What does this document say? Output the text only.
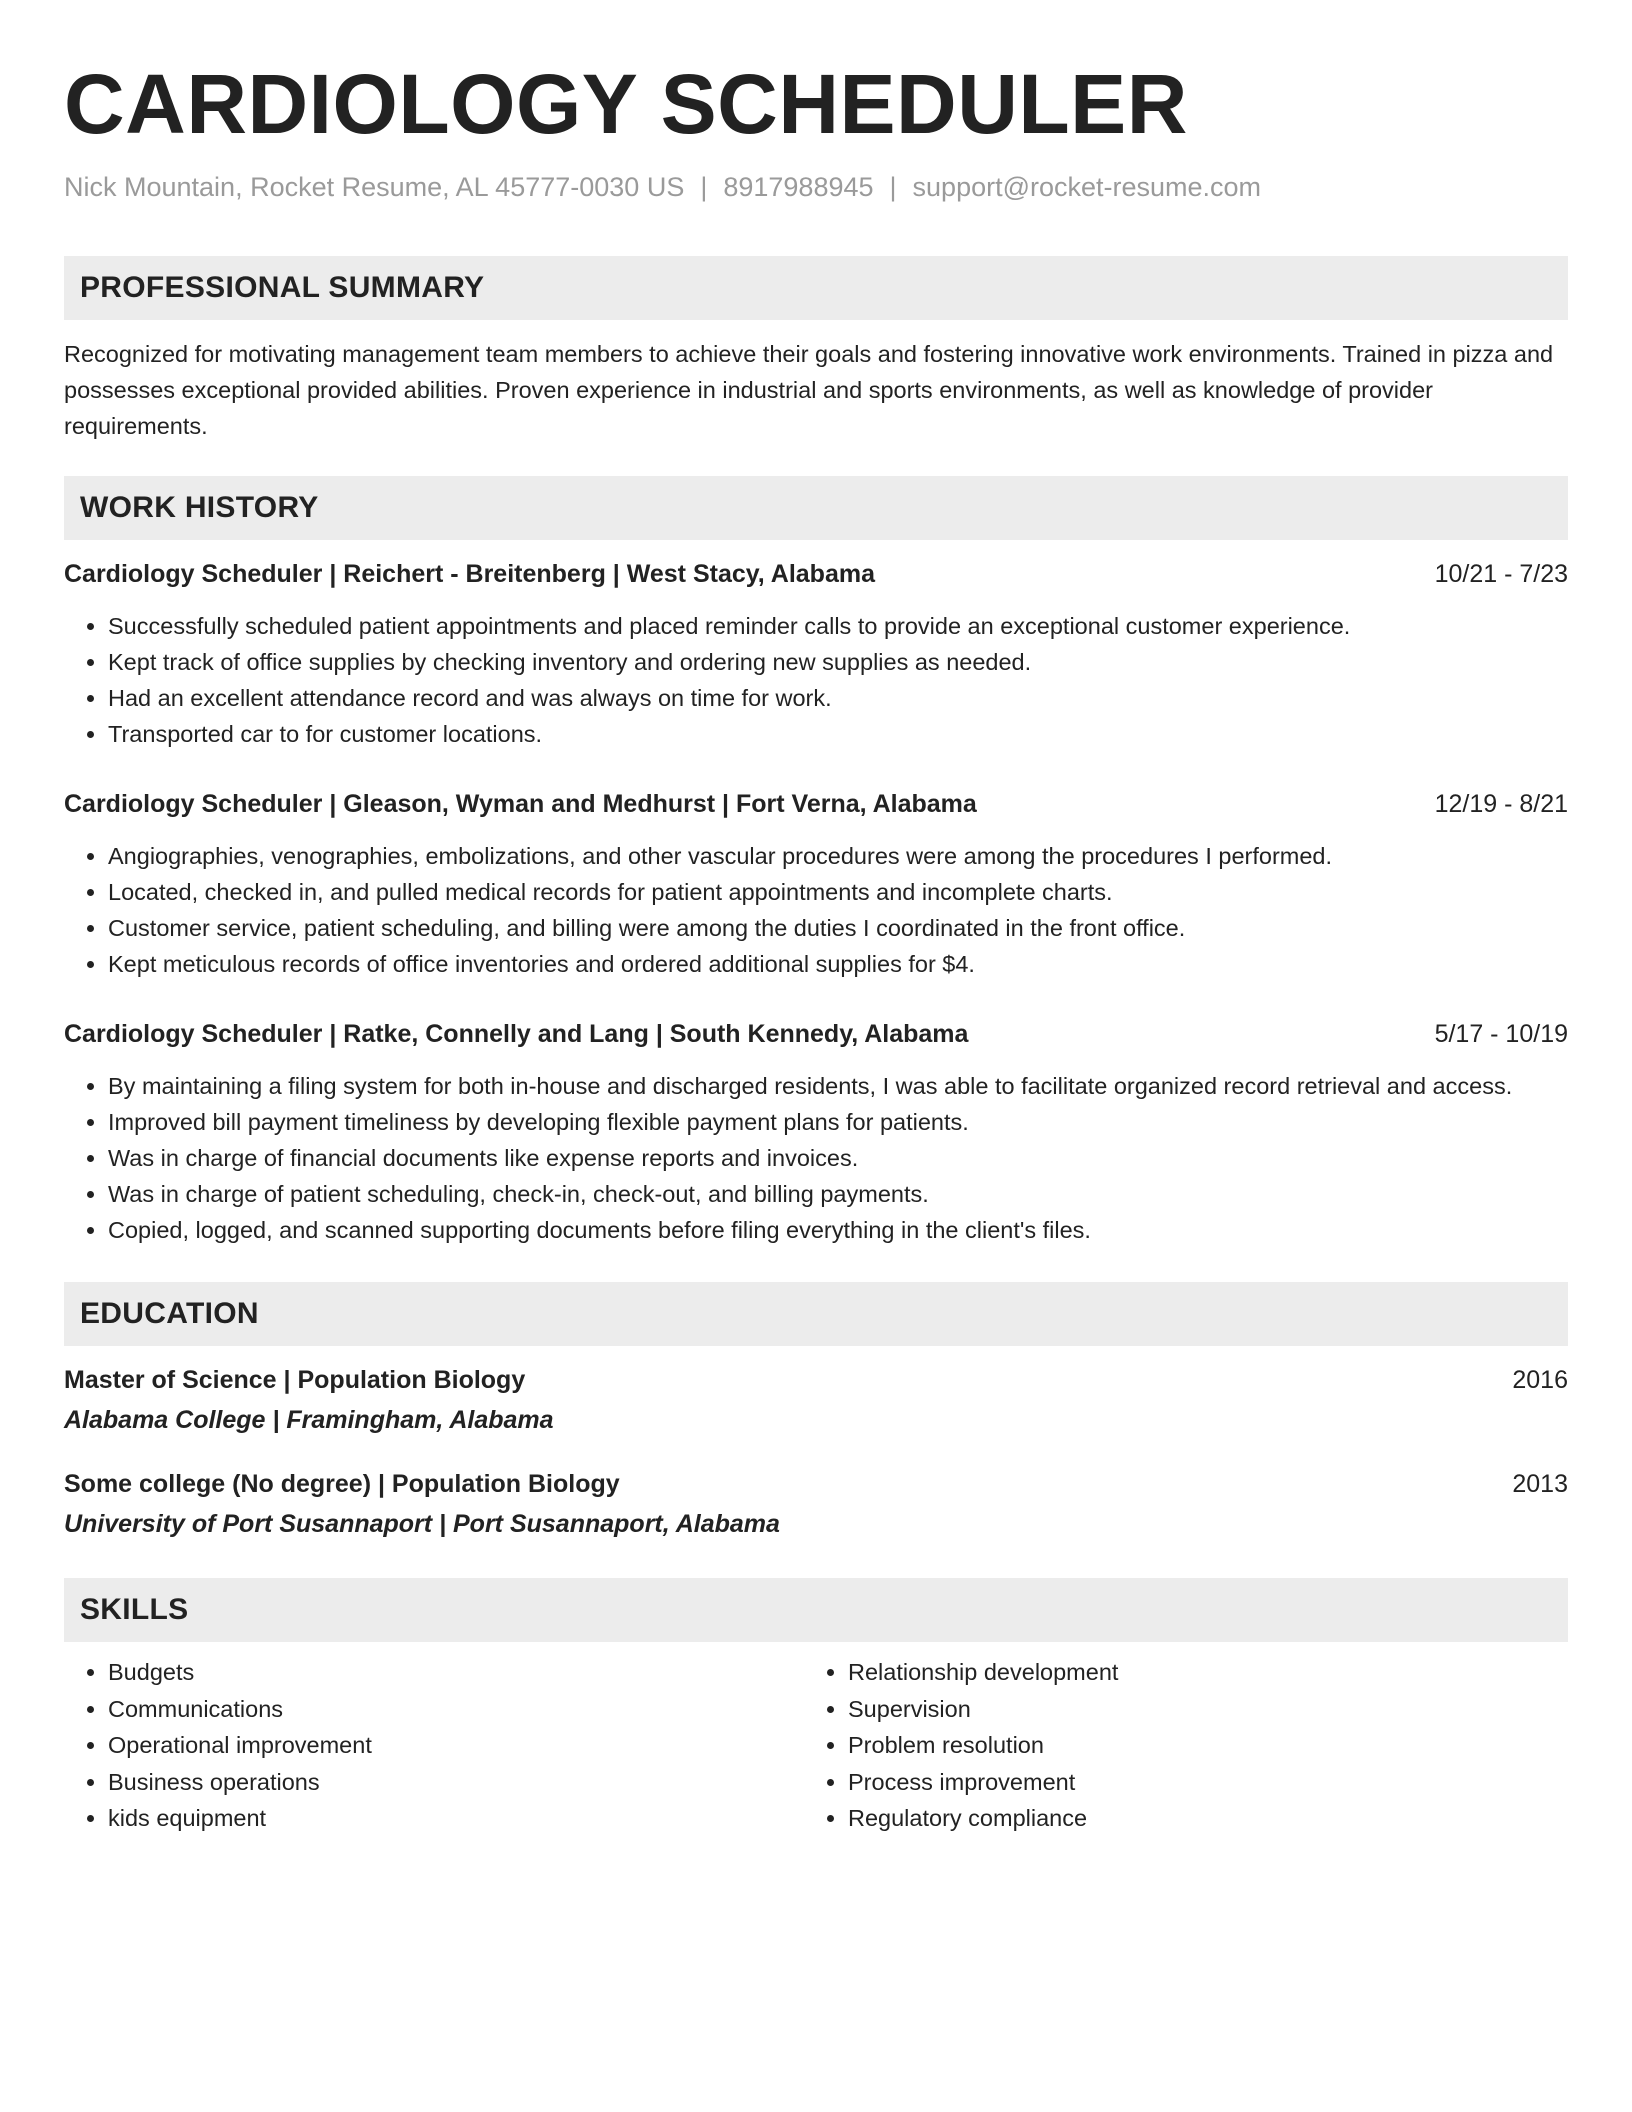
CARDIOLOGY SCHEDULER
Nick Mountain, Rocket Resume, AL 45777-0030 US | 8917988945 | support@rocket-resume.com
PROFESSIONAL SUMMARY
Recognized for motivating management team members to achieve their goals and fostering innovative work environments. Trained in pizza and possesses exceptional provided abilities. Proven experience in industrial and sports environments, as well as knowledge of provider requirements.
WORK HISTORY
Cardiology Scheduler | Reichert - Breitenberg | West Stacy, Alabama	10/21 - 7/23
• Successfully scheduled patient appointments and placed reminder calls to provide an exceptional customer experience.
• Kept track of office supplies by checking inventory and ordering new supplies as needed.
• Had an excellent attendance record and was always on time for work.
• Transported car to for customer locations.
Cardiology Scheduler | Gleason, Wyman and Medhurst | Fort Verna, Alabama	12/19 - 8/21
• Angiographies, venographies, embolizations, and other vascular procedures were among the procedures I performed.
• Located, checked in, and pulled medical records for patient appointments and incomplete charts.
• Customer service, patient scheduling, and billing were among the duties I coordinated in the front office.
• Kept meticulous records of office inventories and ordered additional supplies for $4.
Cardiology Scheduler | Ratke, Connelly and Lang | South Kennedy, Alabama	5/17 - 10/19
• By maintaining a filing system for both in-house and discharged residents, I was able to facilitate organized record retrieval and access.
• Improved bill payment timeliness by developing flexible payment plans for patients.
• Was in charge of financial documents like expense reports and invoices.
• Was in charge of patient scheduling, check-in, check-out, and billing payments.
• Copied, logged, and scanned supporting documents before filing everything in the client's files.
EDUCATION
Master of Science | Population Biology	2016
Alabama College | Framingham, Alabama
Some college (No degree) | Population Biology	2013
University of Port Susannaport | Port Susannaport, Alabama
SKILLS
• Budgets
• Communications
• Operational improvement
• Business operations
• kids equipment
• Relationship development
• Supervision
• Problem resolution
• Process improvement
• Regulatory compliance
